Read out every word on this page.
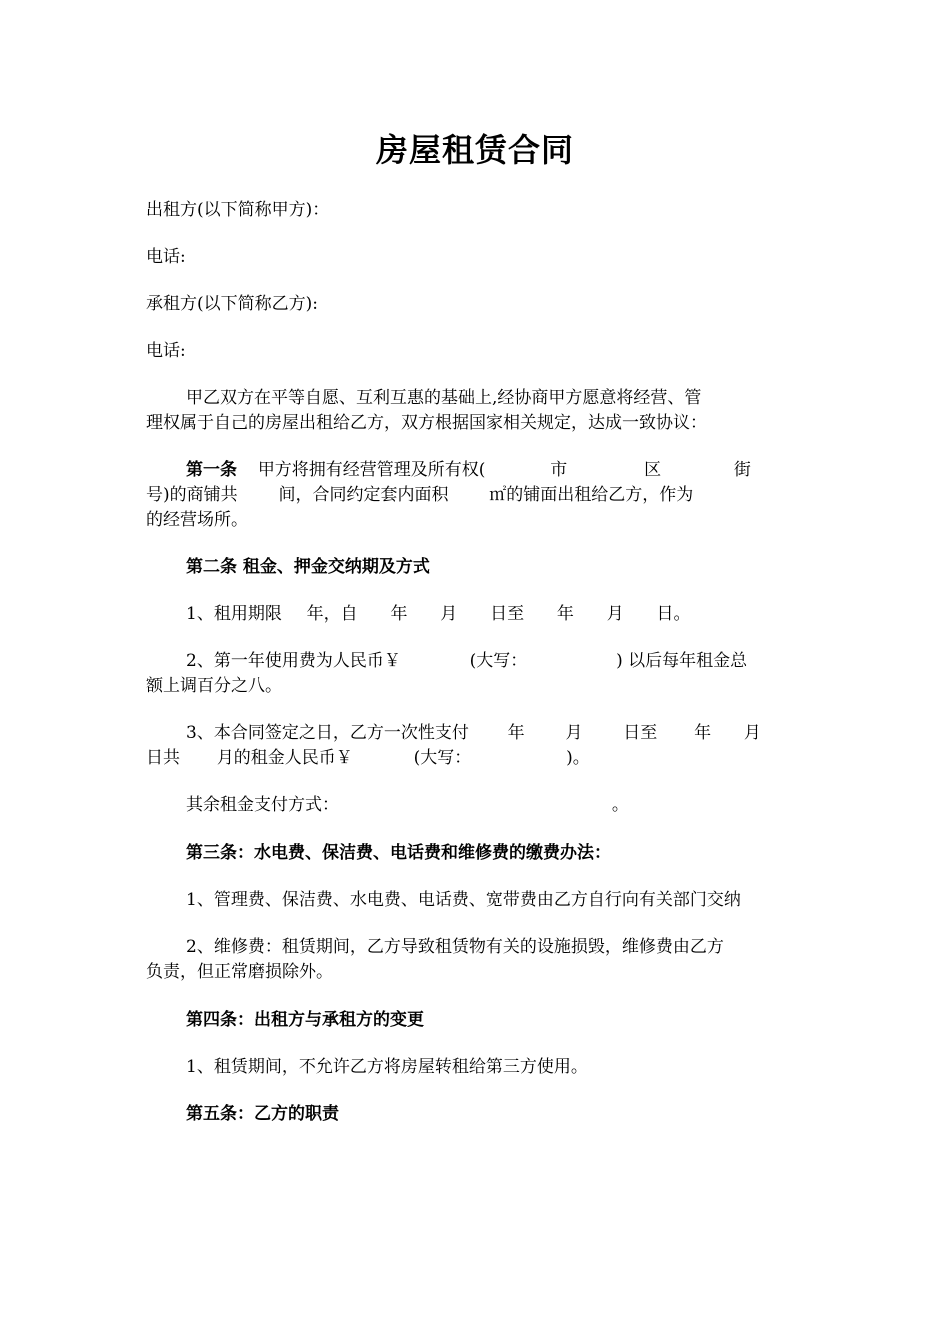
房屋租赁合同
出租方(以下简称甲方)：
电话:
承租方(以下简称乙方):
电话:
甲乙双方在平等自愿、互利互惠的基础上,经协商甲方愿意将经营、管
理权属于自己的房屋出租给乙方，双方根据国家相关规定，达成一致协议：
第一条 甲方将拥有经营管理及所有权(	市	区	街
号)的商铺共 间，合同约定套内面积 ㎡的铺面出租给乙方，作为
的经营场所。
第二条 租金、押金交纳期及方式
1、租用期限 年，自 年 月 日至 年 月 日。
2、第一年使用费为人民币￥	(大写：	) 以后每年租金总
额上调百分之八。
3、本合同签定之日，乙方一次性支付 年 月 日至 年 月
日共 月的租金人民币￥	(大写：	)。
其余租金支付方式：	。
第三条：水电费、保洁费、电话费和维修费的缴费办法：
1、管理费、保洁费、水电费、电话费、宽带费由乙方自行向有关部门交纳
2、维修费：租赁期间，乙方导致租赁物有关的设施损毁，维修费由乙方
负责，但正常磨损除外。
第四条：出租方与承租方的变更
1、租赁期间，不允许乙方将房屋转租给第三方使用。
第五条：乙方的职责
